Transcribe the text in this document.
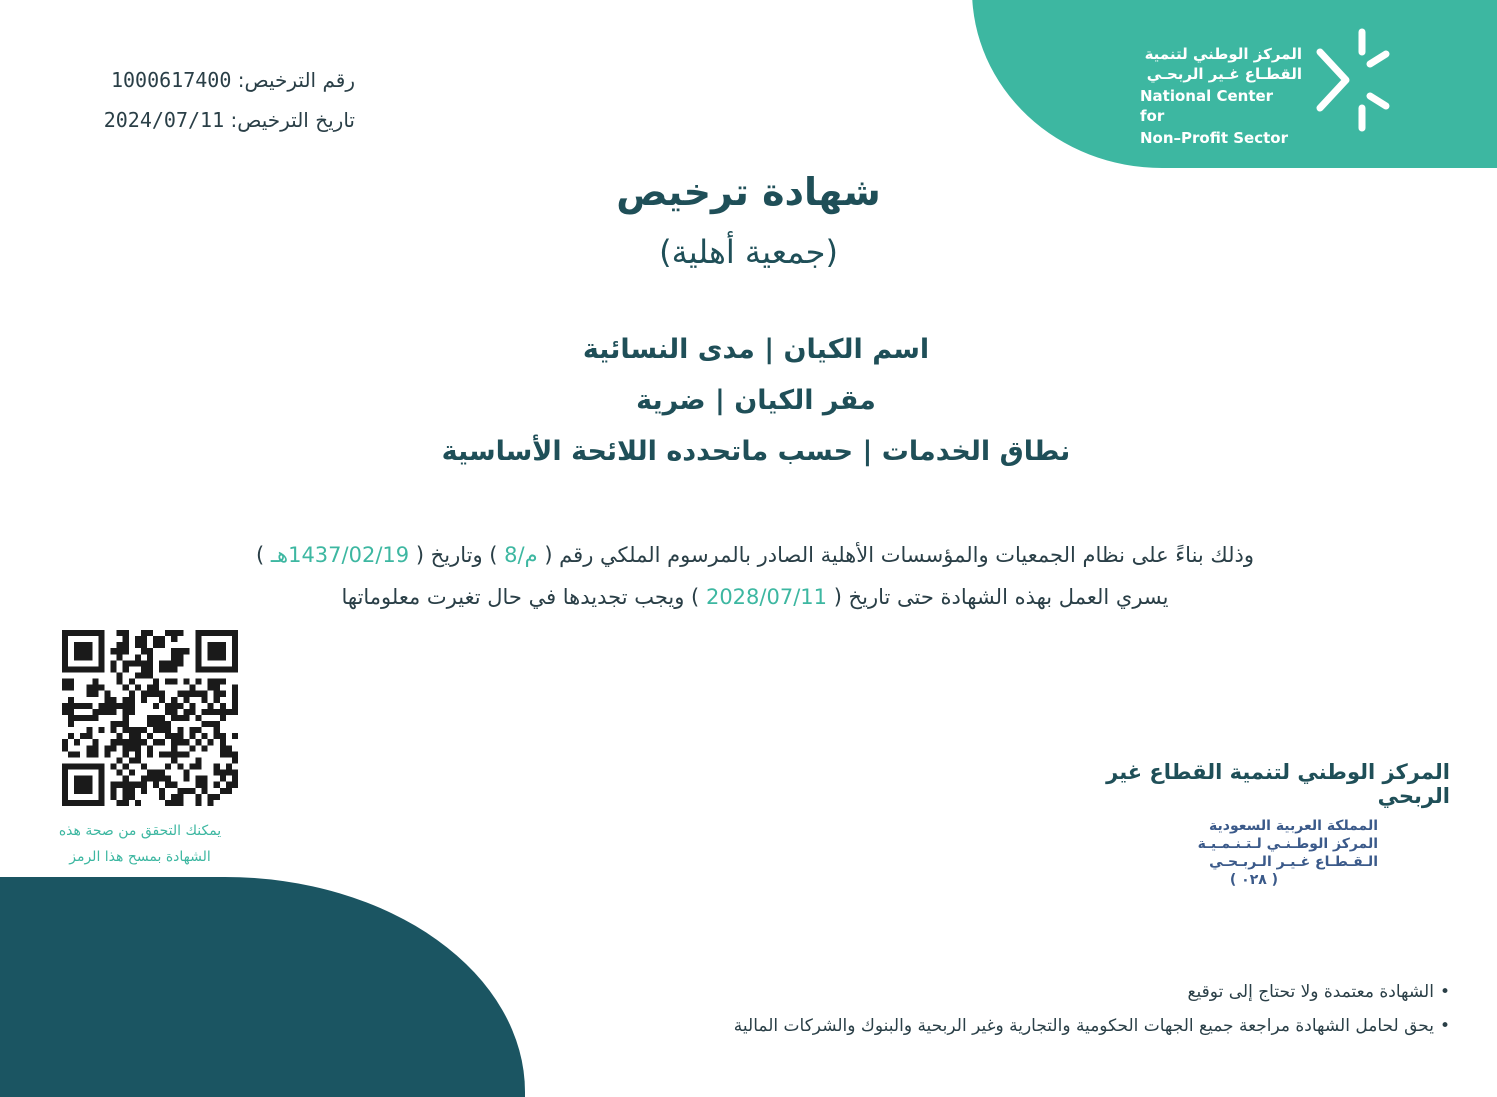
المركز الوطني لتنمية
القطـاع غـير الربحـي
National Center for
Non–Profit Sector
رقم الترخيص: 1000617400
تاريخ الترخيص: 2024/07/11
شهادة ترخيص
(جمعية أهلية)
اسم الكيان | مدى النسائية
مقر الكيان | ضرية
نطاق الخدمات | حسب ماتحدده اللائحة الأساسية
وذلك بناءً على نظام الجمعيات والمؤسسات الأهلية الصادر بالمرسوم الملكي رقم ( م/8 ) وتاريخ ( 1437/02/19هـ )
يسري العمل بهذه الشهادة حتى تاريخ ( 2028/07/11 ) ويجب تجديدها في حال تغيرت معلوماتها
يمكنك التحقق من صحة هذه
الشهادة بمسح هذا الرمز
المركز الوطني لتنمية القطاع غير الربحي
المملكة العربية السعودية
المركز الوطـنـي لـتـنـمـيـة
الـقـطـاع غـيـر الـربـحـي
( ٠٢٨ )
•الشهادة معتمدة ولا تحتاج إلى توقيع
•يحق لحامل الشهادة مراجعة جميع الجهات الحكومية والتجارية وغير الربحية والبنوك والشركات المالية
